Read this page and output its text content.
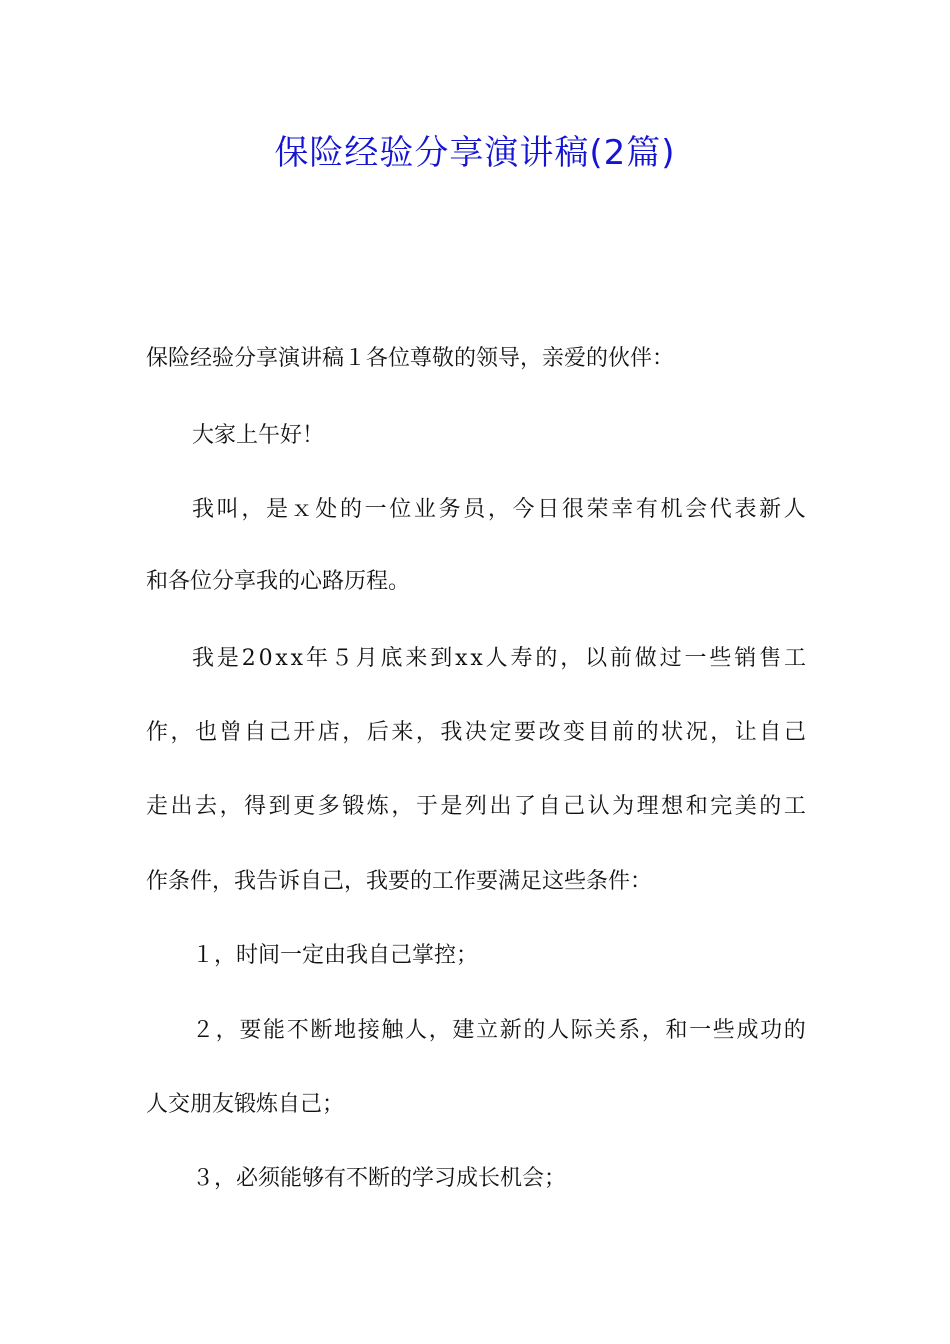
保险经验分享演讲稿(2篇)
保险经验分享演讲稿１各位尊敬的领导，亲爱的伙伴：
大家上午好！
我 叫 ， 是 ｘ 处 的 一 位 业 务 员 ， 今 日 很 荣 幸 有 机 会 代 表 新 人
和各位分享我的心路历程。
我 是 2 0 x x 年 ５ 月 底 来 到 x x 人 寿 的 ， 以 前 做 过 一 些 销 售 工
作 ， 也 曾 自 己 开 店 ， 后 来 ， 我 决 定 要 改 变 目 前 的 状 况 ， 让 自 己
走 出 去 ， 得 到 更 多 锻 炼 ， 于 是 列 出 了 自 己 认 为 理 想 和 完 美 的 工
作条件，我告诉自己，我要的工作要满足这些条件：
１，时间一定由我自己掌控；
２ ， 要 能 不 断 地 接 触 人 ， 建 立 新 的 人 际 关 系 ， 和 一 些 成 功 的
人交朋友锻炼自己；
３，必须能够有不断的学习成长机会；
